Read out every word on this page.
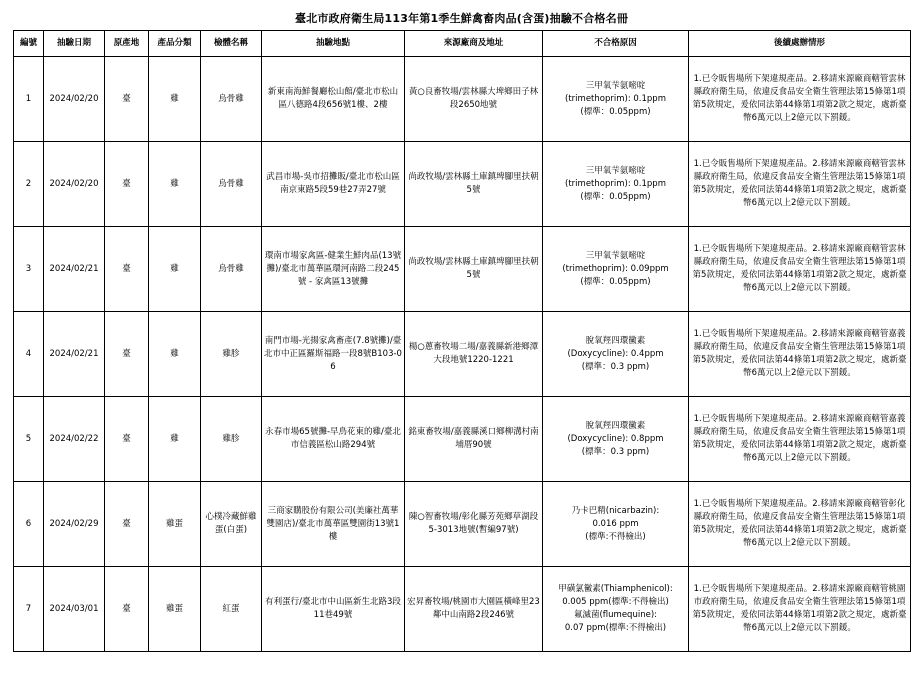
臺北市政府衛生局113年第1季生鮮禽畜肉品(含蛋)抽驗不合格名冊
編號	抽驗日期	原產地	產品分類	檢體名稱	抽驗地點	來源廠商及地址	不合格原因	後續處辦情形
1	2024/02/20	臺	雞	烏骨雞	新東南海鮮餐廳松山館/臺北市松山區八德路4段656號1樓、2樓	黃○良畜牧場/雲林縣大埤鄉田子林段2650地號	三甲氧芐氨嘧啶
(trimethoprim): 0.1ppm
(標準：0.05ppm)	1.已令販售場所下架違規產品。2.移請來源廠商轄管雲林縣政府衛生局，依違反食品安全衛生管理法第15條第1項第5款規定，爰依同法第44條第1項第2款之規定，處新臺幣6萬元以上2億元以下罰鍰。
2	2024/02/20	臺	雞	烏骨雞	武昌市場-吳市招攤販/臺北市松山區南京東路5段59巷27弄27號	尚政牧場/雲林縣土庫鎮埤腳里扶朝5號	三甲氧芐氨嘧啶
(trimethoprim): 0.1ppm
(標準：0.05ppm)	1.已令販售場所下架違規產品。2.移請來源廠商轄管雲林縣政府衛生局，依違反食品安全衛生管理法第15條第1項第5款規定，爰依同法第44條第1項第2款之規定，處新臺幣6萬元以上2億元以下罰鍰。
3	2024/02/21	臺	雞	烏骨雞	環南市場家禽區-健業生鮮肉品(13號攤)/臺北市萬華區環河南路二段245號 - 家禽區13號攤	尚政牧場/雲林縣土庫鎮埤腳里扶朝5號	三甲氧芐氨嘧啶
(trimethoprim): 0.09ppm
(標準：0.05ppm)	1.已令販售場所下架違規產品。2.移請來源廠商轄管雲林縣政府衛生局，依違反食品安全衛生管理法第15條第1項第5款規定，爰依同法第44條第1項第2款之規定，處新臺幣6萬元以上2億元以下罰鍰。
4	2024/02/21	臺	雞	雞胗	南門市場-光揚家禽畜產(7.8號攤)/臺北市中正區羅斯福路一段8號B103-06	楊○蔥畜牧場二場/嘉義縣新港鄉潭大段地號1220-1221	脫氧羥四環黴素
(Doxycycline): 0.4ppm
(標準：0.3 ppm)	1.已令販售場所下架違規產品。2.移請來源廠商轄管嘉義縣政府衛生局，依違反食品安全衛生管理法第15條第1項第5款規定，爰依同法第44條第1項第2款之規定，處新臺幣6萬元以上2億元以下罰鍰。
5	2024/02/22	臺	雞	雞胗	永春市場65號攤-早鳥花東的雞/臺北市信義區松山路294號	銘東畜牧場/嘉義縣溪口鄉柳溝村南埔厝90號	脫氧羥四環黴素
(Doxycycline): 0.8ppm
(標準：0.3 ppm)	1.已令販售場所下架違規產品。2.移請來源廠商轄管嘉義縣政府衛生局，依違反食品安全衛生管理法第15條第1項第5款規定，爰依同法第44條第1項第2款之規定，處新臺幣6萬元以上2億元以下罰鍰。
6	2024/02/29	臺	雞蛋	心樸冷藏鮮雞蛋(白蛋)	三商家購股份有限公司(美廉社萬華雙園店)/臺北市萬華區雙園街13號1樓	陳○智畜牧場/彰化縣芳苑鄉草湖段5-3013地號(暫編97號)	乃卡巴精(nicarbazin):
0.016 ppm
(標準:不得檢出)	1.已令販售場所下架違規產品。2.移請來源廠商轄管彰化縣政府衛生局，依違反食品安全衛生管理法第15條第1項第5款規定，爰依同法第44條第1項第2款之規定，處新臺幣6萬元以上2億元以下罰鍰。
7	2024/03/01	臺	雞蛋	紅蛋	有利蛋行/臺北市中山區新生北路3段11巷49號	宏昇畜牧場/桃園市大園區橫峰里23鄰中山南路2段246號	甲磺氯黴素(Thiamphenicol):
0.005 ppm(標準:不得檢出)
氟滅菌(flumequine):
0.07 ppm(標準:不得檢出)	1.已令販售場所下架違規產品。2.移請來源廠商轄管桃園市政府衛生局，依違反食品安全衛生管理法第15條第1項第5款規定，爰依同法第44條第1項第2款之規定，處新臺幣6萬元以上2億元以下罰鍰。
